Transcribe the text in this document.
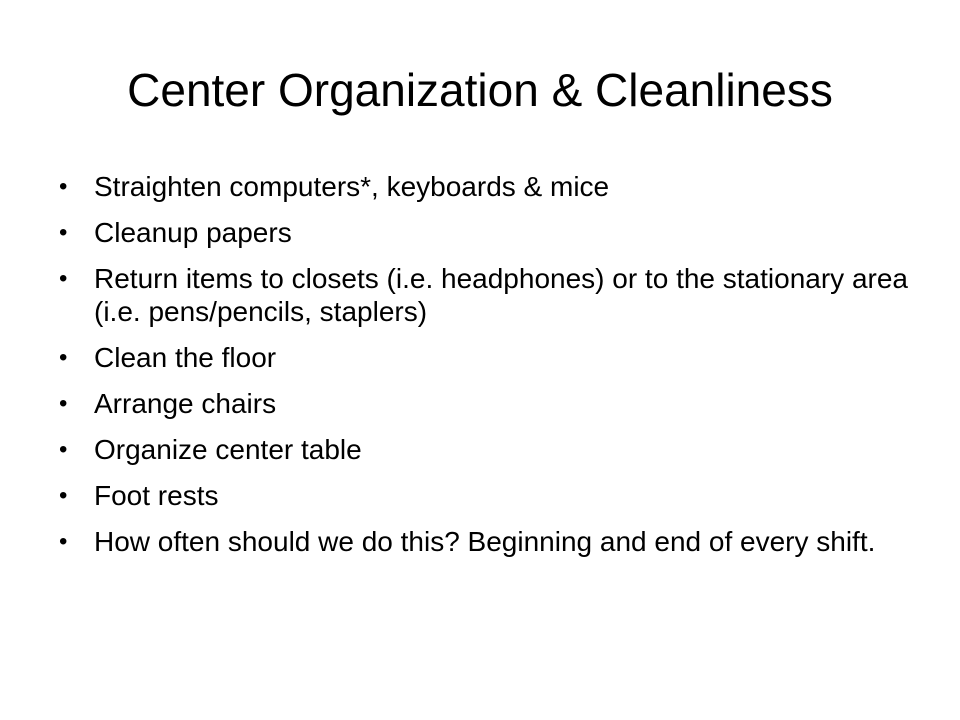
Center Organization & Cleanliness
• Straighten computers*, keyboards & mice
• Cleanup papers
• Return items to closets (i.e. headphones) or to the stationary area (i.e. pens/pencils, staplers)
• Clean the floor
• Arrange chairs
• Organize center table
• Foot rests
• How often should we do this? Beginning and end of every shift.
